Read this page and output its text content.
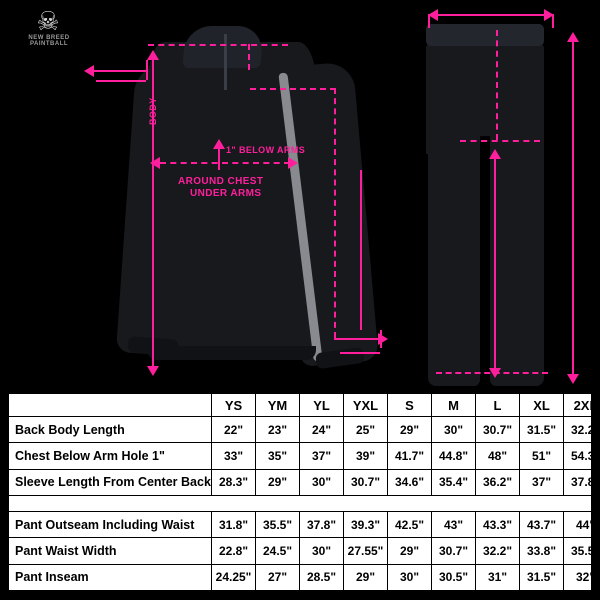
☠
NEW BREED PAINTBALL
BODY
1" BELOW ARMS
AROUND CHEST
UNDER ARMS
	YS	YM	YL	YXL	S	M	L	XL	2XL
Back Body Length	22"	23"	24"	25"	29"	30"	30.7"	31.5"	32.2"
Chest Below Arm Hole 1"	33"	35"	37"	39"	41.7"	44.8"	48"	51"	54.3"
Sleeve Length From Center Back	28.3"	29"	30"	30.7"	34.6"	35.4"	36.2"	37"	37.8"

Pant Outseam Including Waist	31.8"	35.5"	37.8"	39.3"	42.5"	43"	43.3"	43.7"	44"
Pant Waist Width	22.8"	24.5"	30"	27.55"	29"	30.7"	32.2"	33.8"	35.5"
Pant Inseam	24.25"	27"	28.5"	29"	30"	30.5"	31"	31.5"	32"
